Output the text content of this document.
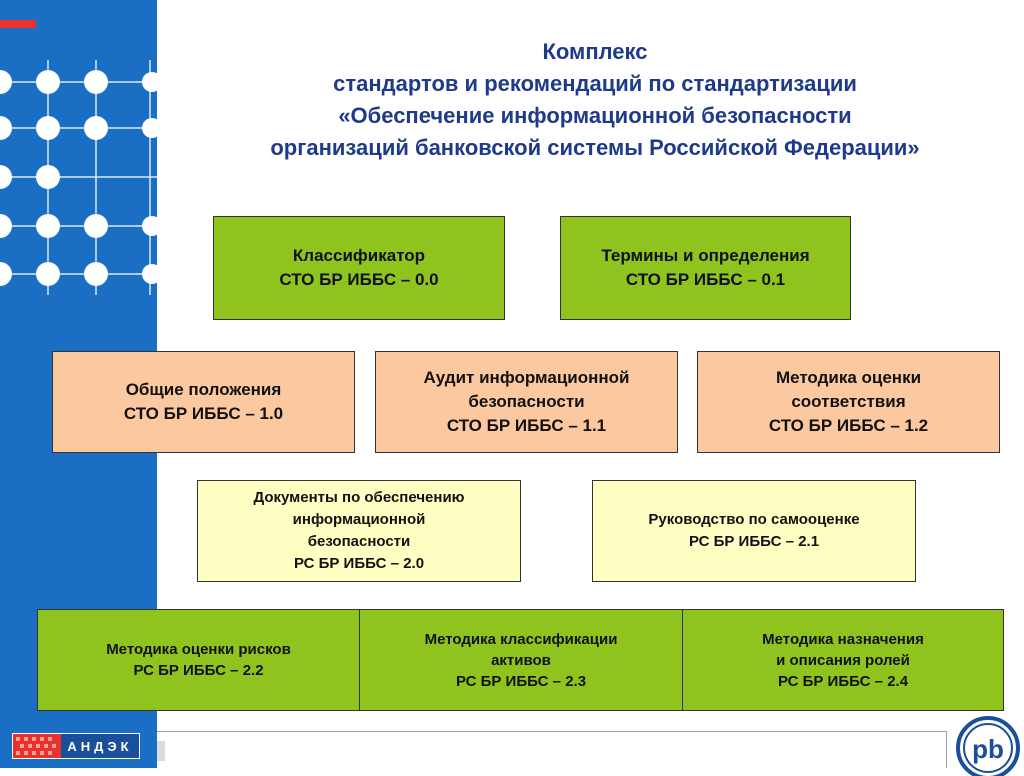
Комплекс
стандартов и рекомендаций по стандартизации
«Обеспечение информационной безопасности
организаций банковской системы Российской Федерации»
Классификатор
СТО БР ИББС – 0.0
Термины и определения
СТО БР ИББС – 0.1
Общие положения
СТО БР ИББС – 1.0
Аудит информационной
безопасности
СТО БР ИББС – 1.1
Методика оценки
соответствия
СТО БР ИББС – 1.2
Документы по обеспечению
информационной
безопасности
РС БР ИББС – 2.0
Руководство по самооценке
РС БР ИББС – 2.1
Методика оценки рисков
РС БР ИББС – 2.2
Методика классификации
активов
РС БР ИББС – 2.3
Методика назначения
и описания ролей
РС БР ИББС – 2.4
АНДЭК	рb
